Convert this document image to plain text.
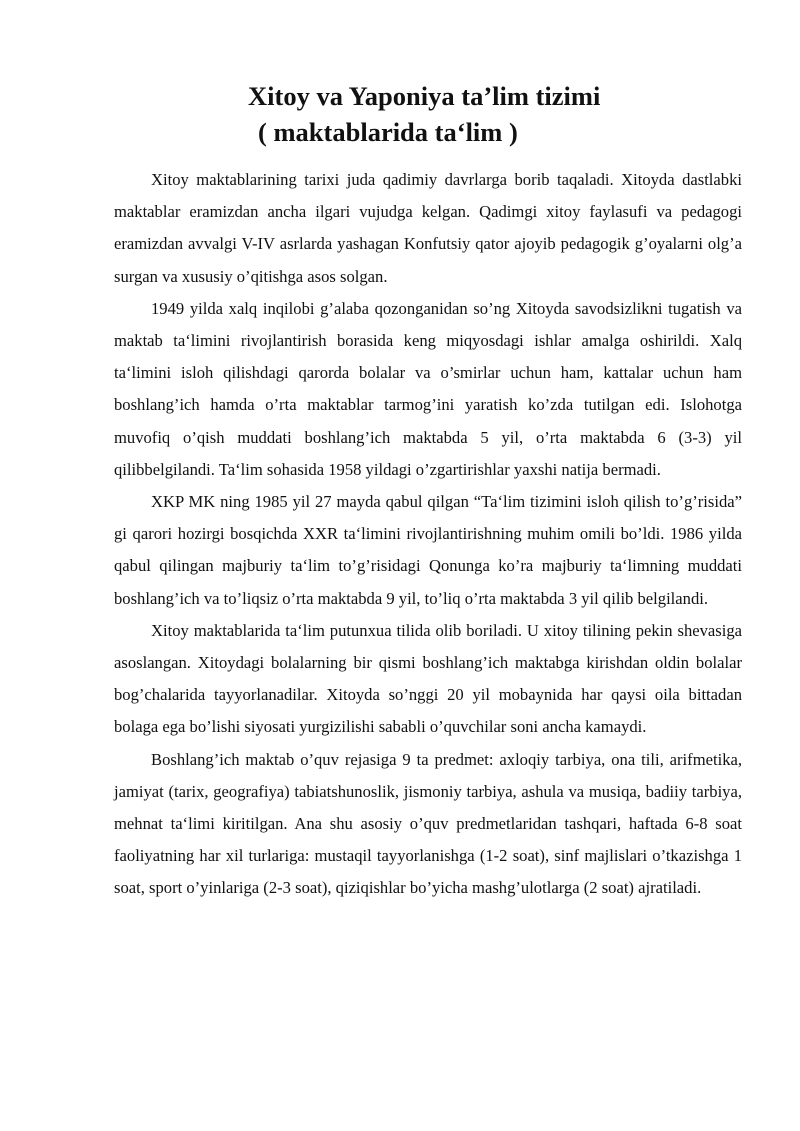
Xitoy va Yaponiya ta’lim tizimi
( maktablarida ta‘lim )

Xitoy maktablarining tarixi juda qadimiy davrlarga borib taqaladi. Xitoyda dastlabki maktablar eramizdan ancha ilgari vujudga kelgan. Qadimgi xitoy faylasufi va pedagogi eramizdan avvalgi V-IV asrlarda yashagan Konfutsiy qator ajoyib pedagogik g’oyalarni olg’a surgan va xususiy o’qitishga asos solgan.

1949 yilda xalq inqilobi g’alaba qozonganidan so’ng Xitoyda savodsizlikni tugatish va maktab ta‘limini rivojlantirish borasida keng miqyosdagi ishlar amalga oshirildi. Xalq ta‘limini isloh qilishdagi qarorda bolalar va o’smirlar uchun ham, kattalar uchun ham boshlang’ich hamda o’rta maktablar tarmog’ini yaratish ko’zda tutilgan edi. Islohotga muvofiq o’qish muddati boshlang’ich maktabda 5 yil, o’rta maktabda 6 (3-3) yil qilibbelgilandi. Ta‘lim sohasida 1958 yildagi o’zgartirishlar yaxshi natija bermadi.

XKP MK ning 1985 yil 27 mayda qabul qilgan “Ta‘lim tizimini isloh qilish to’g’risida” gi qarori hozirgi bosqichda XXR ta‘limini rivojlantirishning muhim omili bo’ldi. 1986 yilda qabul qilingan majburiy ta‘lim to’g’risidagi Qonunga ko’ra majburiy ta‘limning muddati boshlang’ich va to’liqsiz o’rta maktabda 9 yil, to’liq o’rta maktabda 3 yil qilib belgilandi.

Xitoy maktablarida ta‘lim putunxua tilida olib boriladi. U xitoy tilining pekin shevasiga asoslangan. Xitoydagi bolalarning bir qismi boshlang’ich maktabga kirishdan oldin bolalar bog’chalarida tayyorlanadilar. Xitoyda so’nggi 20 yil mobaynida har qaysi oila bittadan bolaga ega bo’lishi siyosati yurgizilishi sababli o’quvchilar soni ancha kamaydi.

Boshlang’ich maktab o’quv rejasiga 9 ta predmet: axloqiy tarbiya, ona tili, arifmetika, jamiyat (tarix, geografiya) tabiatshunoslik, jismoniy tarbiya, ashula va musiqa, badiiy tarbiya, mehnat ta‘limi kiritilgan. Ana shu asosiy o’quv predmetlaridan tashqari, haftada 6-8 soat faoliyatning har xil turlariga: mustaqil tayyorlanishga (1-2 soat), sinf majlislari o’tkazishga 1 soat, sport o’yinlariga (2-3 soat), qiziqishlar bo’yicha mashg’ulotlarga (2 soat) ajratiladi.
